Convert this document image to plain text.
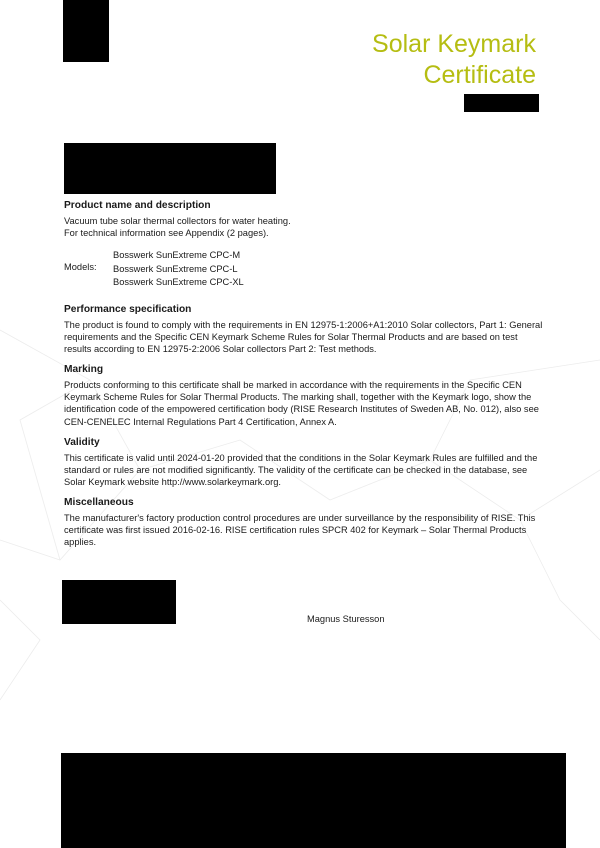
Solar Keymark
Certificate
Product name and description

Vacuum tube solar thermal collectors for water heating.

For technical information see Appendix (2 pages).

Models:
Bosswerk SunExtreme CPC-M
Bosswerk SunExtreme CPC-L
Bosswerk SunExtreme CPC-XL
Performance specification

The product is found to comply with the requirements in EN 12975-1:2006+A1:2010 Solar collectors, Part 1: General requirements and the Specific CEN Keymark Scheme Rules for Solar Thermal Products and are based on test results according to EN 12975-2:2006 Solar collectors Part 2: Test methods.

Marking

Products conforming to this certificate shall be marked in accordance with the requirements in the Specific CEN Keymark Scheme Rules for Solar Thermal Products. The marking shall, together with the Keymark logo, show the identification code of the empowered certification body (RISE Research Institutes of Sweden AB, No. 012), also see CEN-CENELEC Internal Regulations Part 4 Certification, Annex A.

Validity

This certificate is valid until 2024-01-20 provided that the conditions in the Solar Keymark Rules are fulfilled and the standard or rules are not modified significantly. The validity of the certificate can be checked in the database, see Solar Keymark website http://www.solarkeymark.org.

Miscellaneous

The manufacturer's factory production control procedures are under surveillance by the responsibility of RISE. This certificate was first issued 2016-02-16. RISE certification rules SPCR 402 for Keymark – Solar Thermal Products applies.

Magnus Sturesson
